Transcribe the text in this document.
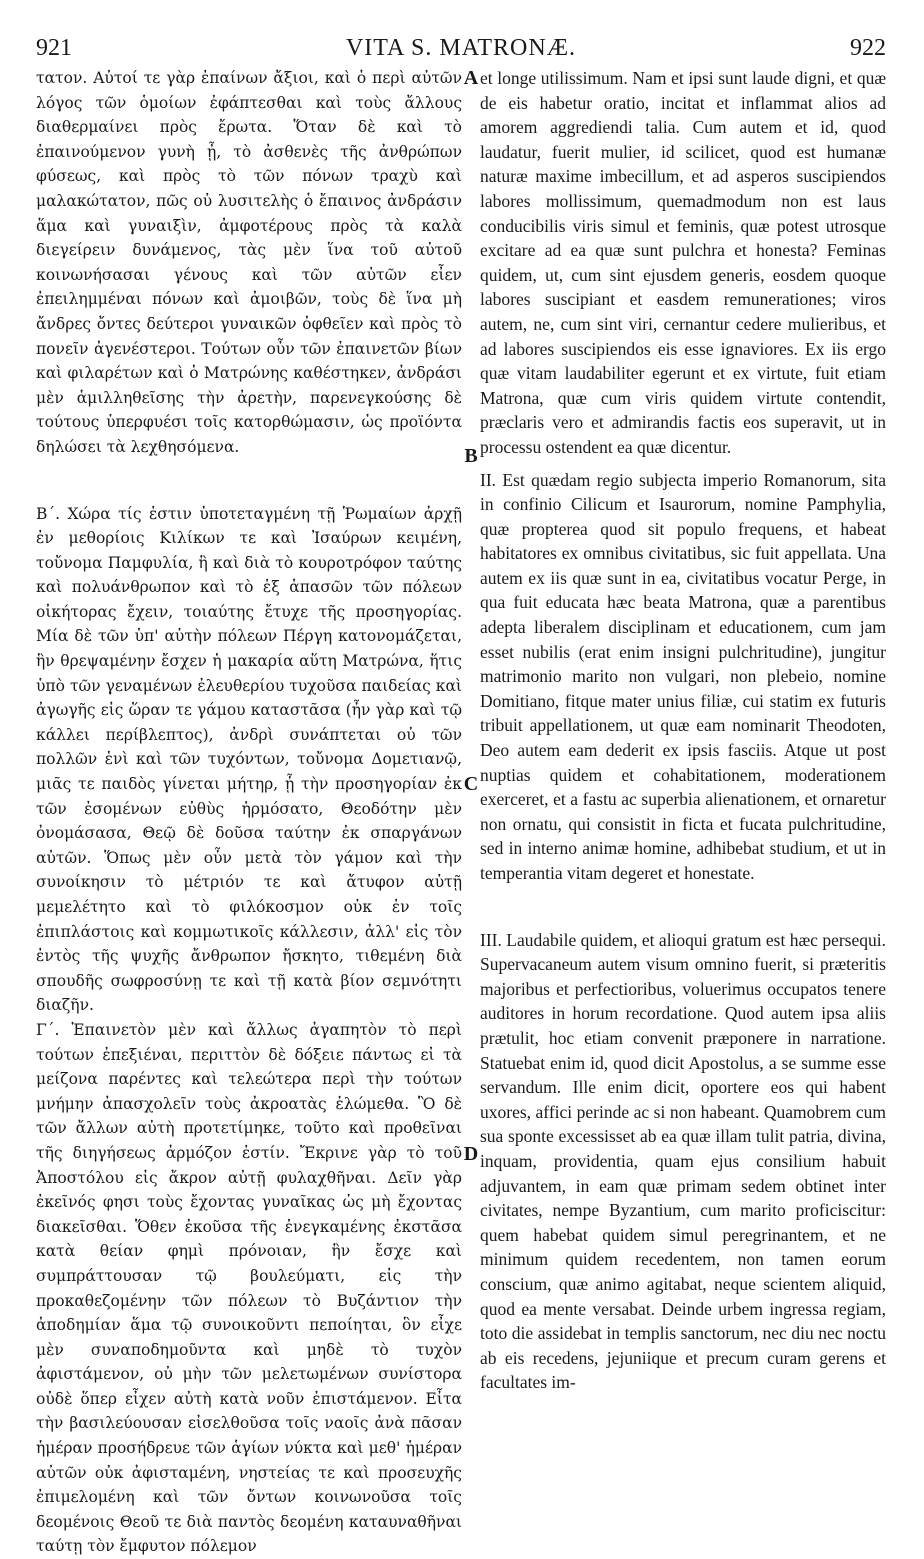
921	VITA S. MATRONÆ.	922
A
B
C
D

τατον. Αὐτοί τε γὰρ ἐπαίνων ἄξιοι, καὶ ὁ περὶ αὐτῶν λόγος τῶν ὁμοίων ἐφάπτεσθαι καὶ τοὺς ἄλλους διαθερμαίνει πρὸς ἔρωτα. Ὅταν δὲ καὶ τὸ ἐπαινούμενον γυνὴ ᾖ, τὸ ἀσθενὲς τῆς ἀνθρώπων φύσεως, καὶ πρὸς τὸ τῶν πόνων τραχὺ καὶ μαλακώτατον, πῶς οὐ λυσιτελὴς ὁ ἔπαινος ἀνδράσιν ἅμα καὶ γυναιξὶν, ἀμφοτέρους πρὸς τὰ καλὰ διεγείρειν δυνάμενος, τὰς μὲν ἵνα τοῦ αὐτοῦ κοινωνήσασαι γένους καὶ τῶν αὐτῶν εἶεν ἐπειλημμέναι πόνων καὶ ἀμοιβῶν, τοὺς δὲ ἵνα μὴ ἄνδρες ὄντες δεύτεροι γυναικῶν ὀφθεῖεν καὶ πρὸς τὸ πονεῖν ἀγενέστεροι. Τούτων οὖν τῶν ἐπαινετῶν βίων καὶ φιλαρέτων καὶ ὁ Ματρώνης καθέστηκεν, ἀνδράσι μὲν ἁμιλληθεῖσης τὴν ἀρετὴν, παρενεγκούσης δὲ τούτους ὑπερφυέσι τοῖς κατορθώμασιν, ὡς προϊόντα δηλώσει τὰ λεχθησόμενα.

Β΄. Χώρα τίς ἐστιν ὑποτεταγμένη τῇ Ῥωμαίων ἀρχῇ ἐν μεθορίοις Κιλίκων τε καὶ Ἰσαύρων κειμένη, τοὔνομα Παμφυλία, ἣ καὶ διὰ τὸ κουροτρόφον ταύτης καὶ πολυάνθρωπον καὶ τὸ ἐξ ἁπασῶν τῶν πόλεων οἰκήτορας ἔχειν, τοιαύτης ἔτυχε τῆς προσηγορίας. Μία δὲ τῶν ὑπ' αὐτὴν πόλεων Πέργη κατονομάζεται, ἣν θρεψαμένην ἔσχεν ἡ μακαρία αὕτη Ματρώνα, ἥτις ὑπὸ τῶν γεναμένων ἐλευθερίου τυχοῦσα παιδείας καὶ ἀγωγῆς εἰς ὥραν τε γάμου καταστᾶσα (ἦν γὰρ καὶ τῷ κάλλει περίβλεπτος), ἀνδρὶ συνάπτεται οὐ τῶν πολλῶν ἑνὶ καὶ τῶν τυχόντων, τοὔνομα Δομετιανῷ, μιᾶς τε παιδὸς γίνεται μήτηρ, ᾗ τὴν προσηγορίαν ἐκ τῶν ἐσομένων εὐθὺς ἡρμόσατο, Θεοδότην μὲν ὀνομάσασα, Θεῷ δὲ δοῦσα ταύτην ἐκ σπαργάνων αὐτῶν. Ὅπως μὲν οὖν μετὰ τὸν γάμον καὶ τὴν συνοίκησιν τὸ μέτριόν τε καὶ ἄτυφον αὐτῇ μεμελέτητο καὶ τὸ φιλόκοσμον οὐκ ἐν τοῖς ἐπιπλάστοις καὶ κομμωτικοῖς κάλλεσιν, ἀλλ' εἰς τὸν ἐντὸς τῆς ψυχῆς ἄνθρωπον ἤσκητο, τιθεμένη διὰ σπουδῆς σωφροσύνῃ τε καὶ τῇ κατὰ βίον σεμνότητι διαζῆν.

Γ΄. Ἐπαινετὸν μὲν καὶ ἄλλως ἀγαπητὸν τὸ περὶ τούτων ἐπεξιέναι, περιττὸν δὲ δόξειε πάντως εἰ τὰ μείζονα παρέντες καὶ τελεώτερα περὶ τὴν τούτων μνήμην ἀπασχολεῖν τοὺς ἀκροατὰς ἑλώμεθα. Ὃ δὲ τῶν ἄλλων αὐτὴ προτετίμηκε, τοῦτο καὶ προθεῖναι τῆς διηγήσεως ἁρμόζον ἐστίν. Ἔκρινε γὰρ τὸ τοῦ Ἀποστόλου εἰς ἄκρον αὐτῇ φυλαχθῆναι. Δεῖν γὰρ ἐκεῖνός φησι τοὺς ἔχοντας γυναῖκας ὡς μὴ ἔχοντας διακεῖσθαι. Ὅθεν ἐκοῦσα τῆς ἐνεγκαμένης ἐκστᾶσα κατὰ θείαν φημὶ πρόνοιαν, ἣν ἔσχε καὶ συμπράττουσαν τῷ βουλεύματι, εἰς τὴν προκαθεζομένην τῶν πόλεων τὸ Βυζάντιον τὴν ἀποδημίαν ἅμα τῷ συνοικοῦντι πεποίηται, ὃν εἶχε μὲν συναποδημοῦντα καὶ μηδὲ τὸ τυχὸν ἀφιστάμενον, οὐ μὴν τῶν μελετωμένων συνίστορα οὐδὲ ὅπερ εἶχεν αὐτὴ κατὰ νοῦν ἐπιστάμενον. Εἶτα τὴν βασιλεύουσαν εἰσελθοῦσα τοῖς ναοῖς ἀνὰ πᾶσαν ἡμέραν προσήδρευε τῶν ἁγίων νύκτα καὶ μεθ' ἡμέραν αὐτῶν οὐκ ἀφισταμένη, νηστείας τε καὶ προσευχῆς ἐπιμελομένη καὶ τῶν ὄντων κοινωνοῦσα τοῖς δεομένοις Θεοῦ τε διὰ παντὸς δεομένη καταυναθῆναι ταύτῃ τὸν ἔμφυτον πόλεμον

et longe utilissimum. Nam et ipsi sunt laude digni, et quæ de eis habetur oratio, incitat et inflammat alios ad amorem aggrediendi talia. Cum autem et id, quod laudatur, fuerit mulier, id scilicet, quod est humanæ naturæ maxime imbecillum, et ad asperos suscipiendos labores mollissimum, quemadmodum non est laus conducibilis viris simul et feminis, quæ potest utrosque excitare ad ea quæ sunt pulchra et honesta? Feminas quidem, ut, cum sint ejusdem generis, eosdem quoque labores suscipiant et easdem remunerationes; viros autem, ne, cum sint viri, cernantur cedere mulieribus, et ad labores suscipiendos eis esse ignaviores. Ex iis ergo quæ vitam laudabiliter egerunt et ex virtute, fuit etiam Matrona, quæ cum viris quidem virtute contendit, præclaris vero et admirandis factis eos superavit, ut in processu ostendent ea quæ dicentur.

II. Est quædam regio subjecta imperio Romanorum, sita in confinio Cilicum et Isaurorum, nomine Pamphylia, quæ propterea quod sit populo frequens, et habeat habitatores ex omnibus civitatibus, sic fuit appellata. Una autem ex iis quæ sunt in ea, civitatibus vocatur Perge, in qua fuit educata hæc beata Matrona, quæ a parentibus adepta liberalem disciplinam et educationem, cum jam esset nubilis (erat enim insigni pulchritudine), jungitur matrimonio marito non vulgari, non plebeio, nomine Domitiano, fitque mater unius filiæ, cui statim ex futuris tribuit appellationem, ut quæ eam nominarit Theodoten, Deo autem eam dederit ex ipsis fasciis. Atque ut post nuptias quidem et cohabitationem, moderationem exerceret, et a fastu ac superbia alienationem, et ornaretur non ornatu, qui consistit in ficta et fucata pulchritudine, sed in interno animæ homine, adhibebat studium, et ut in temperantia vitam degeret et honestate.

III. Laudabile quidem, et alioqui gratum est hæc persequi. Supervacaneum autem visum omnino fuerit, si præteritis majoribus et perfectioribus, voluerimus occupatos tenere auditores in horum recordatione. Quod autem ipsa aliis prætulit, hoc etiam convenit præponere in narratione. Statuebat enim id, quod dicit Apostolus, a se summe esse servandum. Ille enim dicit, oportere eos qui habent uxores, affici perinde ac si non habeant. Quamobrem cum sua sponte excessisset ab ea quæ illam tulit patria, divina, inquam, providentia, quam ejus consilium habuit adjuvantem, in eam quæ primam sedem obtinet inter civitates, nempe Byzantium, cum marito proficiscitur: quem habebat quidem simul peregrinantem, et ne minimum quidem recedentem, non tamen eorum conscium, quæ animo agitabat, neque scientem aliquid, quod ea mente versabat. Deinde urbem ingressa regiam, toto die assidebat in templis sanctorum, nec diu nec noctu ab eis recedens, jejuniique et precum curam gerens et facultates im-
